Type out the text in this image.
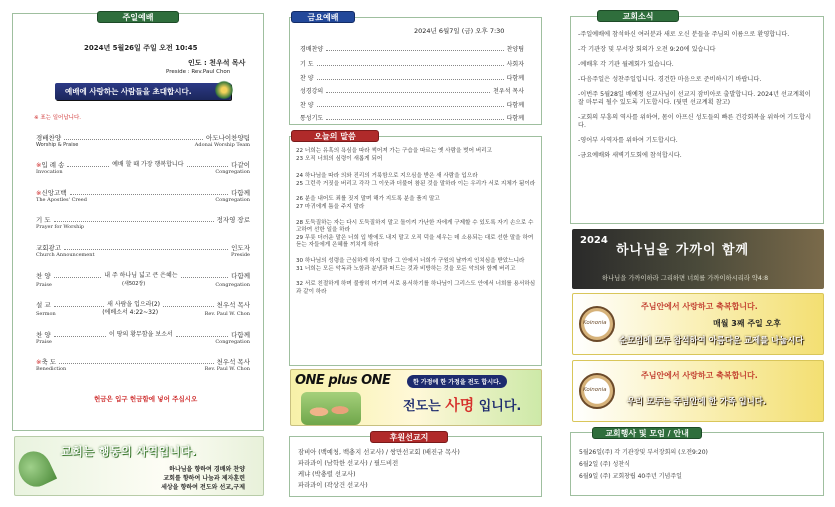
주일예배
2024년 5월26일 주일 오전 10:45
인도 : 천우석 목사
Preside : Rev.Paul Chon
예배에 사랑하는 사람들을 초대합시다.
※ 표는 일어납니다.
경배찬양	아도나이찬양팀
Worship & Praise	Adonai Worship Team
※입 례 송	예배 할 때 가장 행복합니다	다같이
Invocation	Congregation
※신앙고백	다함께
The Apostles' Creed	Congregation
기 도	정자영 장로
Prayer for Worship
교회광고	인도자
Church Announcement	Preside
찬 양	내 주 하나님 넓고 큰 은혜는	다함께
Praise	(새502장)	Congregation
설 교	새 사람을 입으라(2)	천우석 목사
Sermon	(에베소서 4:22~32)	Rev. Paul W. Chon
찬 양	이 땅의 황무함을 보소서	다함께
Praise	Congregation
※축 도	천우석 목사
Benediction	Rev. Paul W. Chon
헌금은 입구 헌금함에 넣어 주십시오
교회는 행동의 사역입니다.
하나님을 향하여 경배와 찬양
교회를 향하여 나눔과 제자훈련
세상을 향하여 전도와 선교,구제
금요예배
2024년 6월7일 (금) 오후 7:30
경배찬양	찬양팀
기 도	사회자
찬 양	다함께
성경강의	천우석 목사
찬 양	다함께
통성기도	다함께
오늘의 말씀
22 너희는 유혹의 욕심을 따라 썩어져 가는 구습을 따르는 옛 사람을 벗어 버리고
23 오직 너희의 심령이 새롭게 되어
24 하나님을 따라 의와 진리의 거룩함으로 지으심을 받은 새 사람을 입으라
25 그런즉 거짓을 버리고 각각 그 이웃과 더불어 참된 것을 말하라 이는 우리가 서로 지체가 됨이라
26 분을 내어도 죄를 짓지 말며 해가 지도록 분을 품지 말고
27 마귀에게 틈을 주지 말라
28 도둑질하는 자는 다시 도둑질하지 말고 돌이켜 가난한 자에게 구제할 수 있도록 자기 손으로 수고하여 선한 일을 하라
29 무릇 더러운 말은 너희 입 밖에도 내지 말고 오직 덕을 세우는 데 소용되는 대로 선한 말을 하여 듣는 자들에게 은혜를 끼치게 하라
30 하나님의 성령을 근심하게 하지 말라 그 안에서 너희가 구원의 날까지 인치심을 받았느니라
31 너희는 모든 악독과 노함과 분냄과 떠드는 것과 비방하는 것을 모든 악의와 함께 버리고
32 서로 친절하게 하며 불쌍히 여기며 서로 용서하기를 하나님이 그리스도 안에서 너희를 용서하심과 같이 하라
ONE plus ONE	한 가정에 한 가정을 전도 합시다.
전도는 사명 입니다.
후원선교지
잠비아 (백예청, 백충지 선교사) / 쌍만선교회 (배진규 목사)
파라과이 (남학한 선교사) / 필드비전
케냐 (박충렬 선교사)
파라과이 (곽상건 선교사)
교회소식
-주일예배에 참석하신 여러분과 새로 오신 분들을 주님의 이름으로 환영합니다.
-각 기관장 및 부서장 회의가 오전 9:20에 있습니다
-예배후 각 기관 월례회가 있습니다.
-다음주일은 성찬주일입니다. 경건한 마음으로 준비하시기 바랍니다.
-이번주 5월28일 배예청 선교사님이 선교지 잠비아로 출발합니다. 2024년 선교계획이 잘 마무리 될수 있도록 기도합시다. (뒷면 선교계획 참고)
-교회의 부흥의 역사를 위하여, 몸이 아프신 성도들의 빠른 건강회복을 위하여 기도합시다.
-영어부 사역자를 위하여 기도합시다.
-금요예배와 새벽기도회에 참석합시다.
2024
하나님을 가까이 함께
하나님을 가까이하라 그리하면 너희를 가까이하시리라 약4:8
Koinonia
주님안에서 사랑하고 축복합니다.
매월 3째 주일 오후
순모임에 모두 참석하여 아름다운 교제를 나눕시다
Koinonia
주님안에서 사랑하고 축복합니다.
우리 모두는 주님안에 한 가족 입니다.
교회행사 및 모임 / 안내
5월26일(주) 각 기관장및 부서장회의 (오전9:20)
6월2일 (주) 성찬식
6월9일 (주) 교회창립 40주년 기념주일
